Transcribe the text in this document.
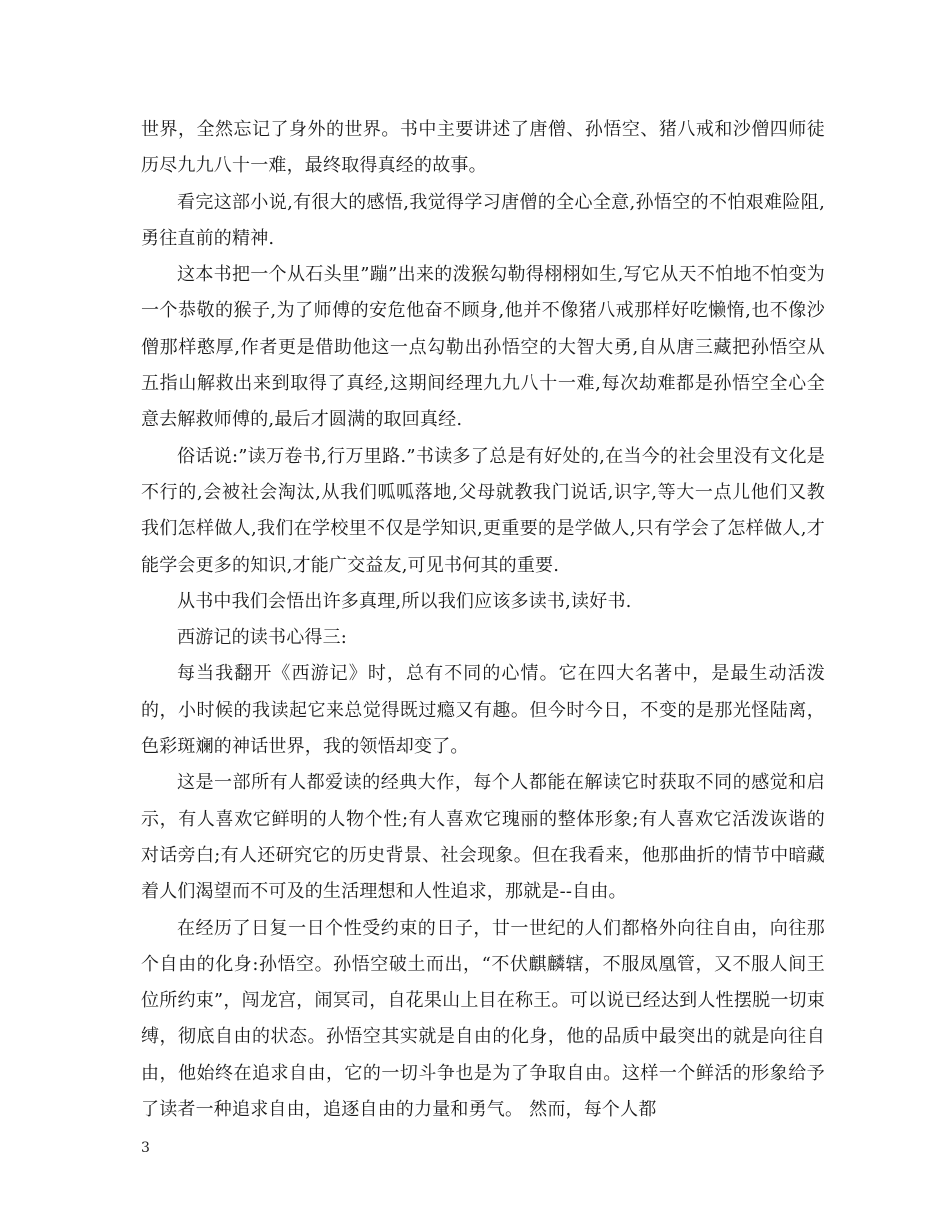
世界，全然忘记了身外的世界。书中主要讲述了唐僧、孙悟空、猪八戒和沙僧四师徒历尽九九八十一难，最终取得真经的故事。

看完这部小说,有很大的感悟,我觉得学习唐僧的全心全意,孙悟空的不怕艰难险阻,勇往直前的精神.

这本书把一个从石头里”蹦”出来的泼猴勾勒得栩栩如生,写它从天不怕地不怕变为一个恭敬的猴子,为了师傅的安危他奋不顾身,他并不像猪八戒那样好吃懒惰,也不像沙僧那样憨厚,作者更是借助他这一点勾勒出孙悟空的大智大勇,自从唐三藏把孙悟空从五指山解救出来到取得了真经,这期间经理九九八十一难,每次劫难都是孙悟空全心全意去解救师傅的,最后才圆满的取回真经.

俗话说:”读万卷书,行万里路.”书读多了总是有好处的,在当今的社会里没有文化是不行的,会被社会淘汰,从我们呱呱落地,父母就教我门说话,识字,等大一点儿他们又教我们怎样做人,我们在学校里不仅是学知识,更重要的是学做人,只有学会了怎样做人,才能学会更多的知识,才能广交益友,可见书何其的重要.

从书中我们会悟出许多真理,所以我们应该多读书,读好书.

西游记的读书心得三:

每当我翻开《西游记》时，总有不同的心情。它在四大名著中，是最生动活泼的，小时候的我读起它来总觉得既过瘾又有趣。但今时今日，不变的是那光怪陆离，色彩斑斓的神话世界，我的领悟却变了。

这是一部所有人都爱读的经典大作，每个人都能在解读它时获取不同的感觉和启示，有人喜欢它鲜明的人物个性;有人喜欢它瑰丽的整体形象;有人喜欢它活泼诙谐的对话旁白;有人还研究它的历史背景、社会现象。但在我看来，他那曲折的情节中暗藏着人们渴望而不可及的生活理想和人性追求，那就是--自由。

在经历了日复一日个性受约束的日子，廿一世纪的人们都格外向往自由，向往那个自由的化身:孙悟空。孙悟空破土而出，“不伏麒麟辖，不服凤凰管，又不服人间王位所约束”，闯龙宫，闹冥司，自花果山上目在称王。可以说已经达到人性摆脱一切束缚，彻底自由的状态。孙悟空其实就是自由的化身，他的品质中最突出的就是向往自由，他始终在追求自由，它的一切斗争也是为了争取自由。这样一个鲜活的形象给予了读者一种追求自由，追逐自由的力量和勇气。 然而，每个人都

3
